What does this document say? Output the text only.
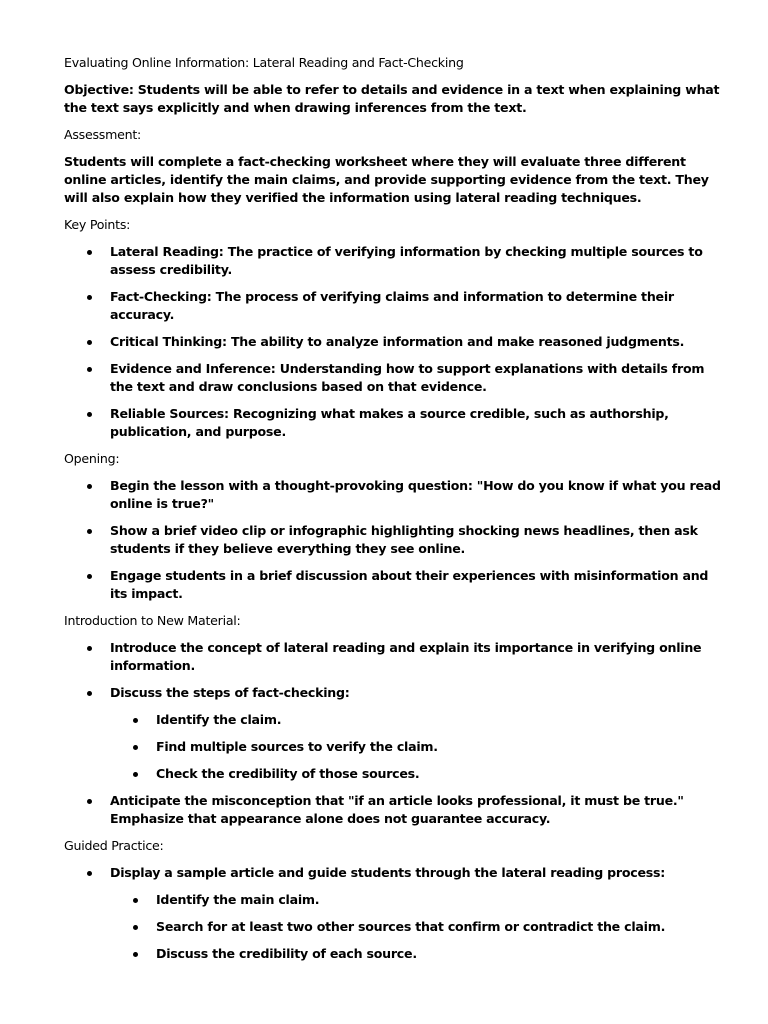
Evaluating Online Information: Lateral Reading and Fact-Checking

Objective: Students will be able to refer to details and evidence in a text when explaining what the text says explicitly and when drawing inferences from the text.

Assessment:

Students will complete a fact-checking worksheet where they will evaluate three different online articles, identify the main claims, and provide supporting evidence from the text. They will also explain how they verified the information using lateral reading techniques.

Key Points:

Lateral Reading: The practice of verifying information by checking multiple sources to assess credibility.
Fact-Checking: The process of verifying claims and information to determine their accuracy.
Critical Thinking: The ability to analyze information and make reasoned judgments.
Evidence and Inference: Understanding how to support explanations with details from the text and draw conclusions based on that evidence.
Reliable Sources: Recognizing what makes a source credible, such as authorship, publication, and purpose.

Opening:

Begin the lesson with a thought-provoking question: "How do you know if what you read online is true?"
Show a brief video clip or infographic highlighting shocking news headlines, then ask students if they believe everything they see online.
Engage students in a brief discussion about their experiences with misinformation and its impact.

Introduction to New Material:

Introduce the concept of lateral reading and explain its importance in verifying online information.
Discuss the steps of fact-checking:
Identify the claim.
Find multiple sources to verify the claim.
Check the credibility of those sources.
Anticipate the misconception that "if an article looks professional, it must be true." Emphasize that appearance alone does not guarantee accuracy.

Guided Practice:

Display a sample article and guide students through the lateral reading process:
Identify the main claim.
Search for at least two other sources that confirm or contradict the claim.
Discuss the credibility of each source.
